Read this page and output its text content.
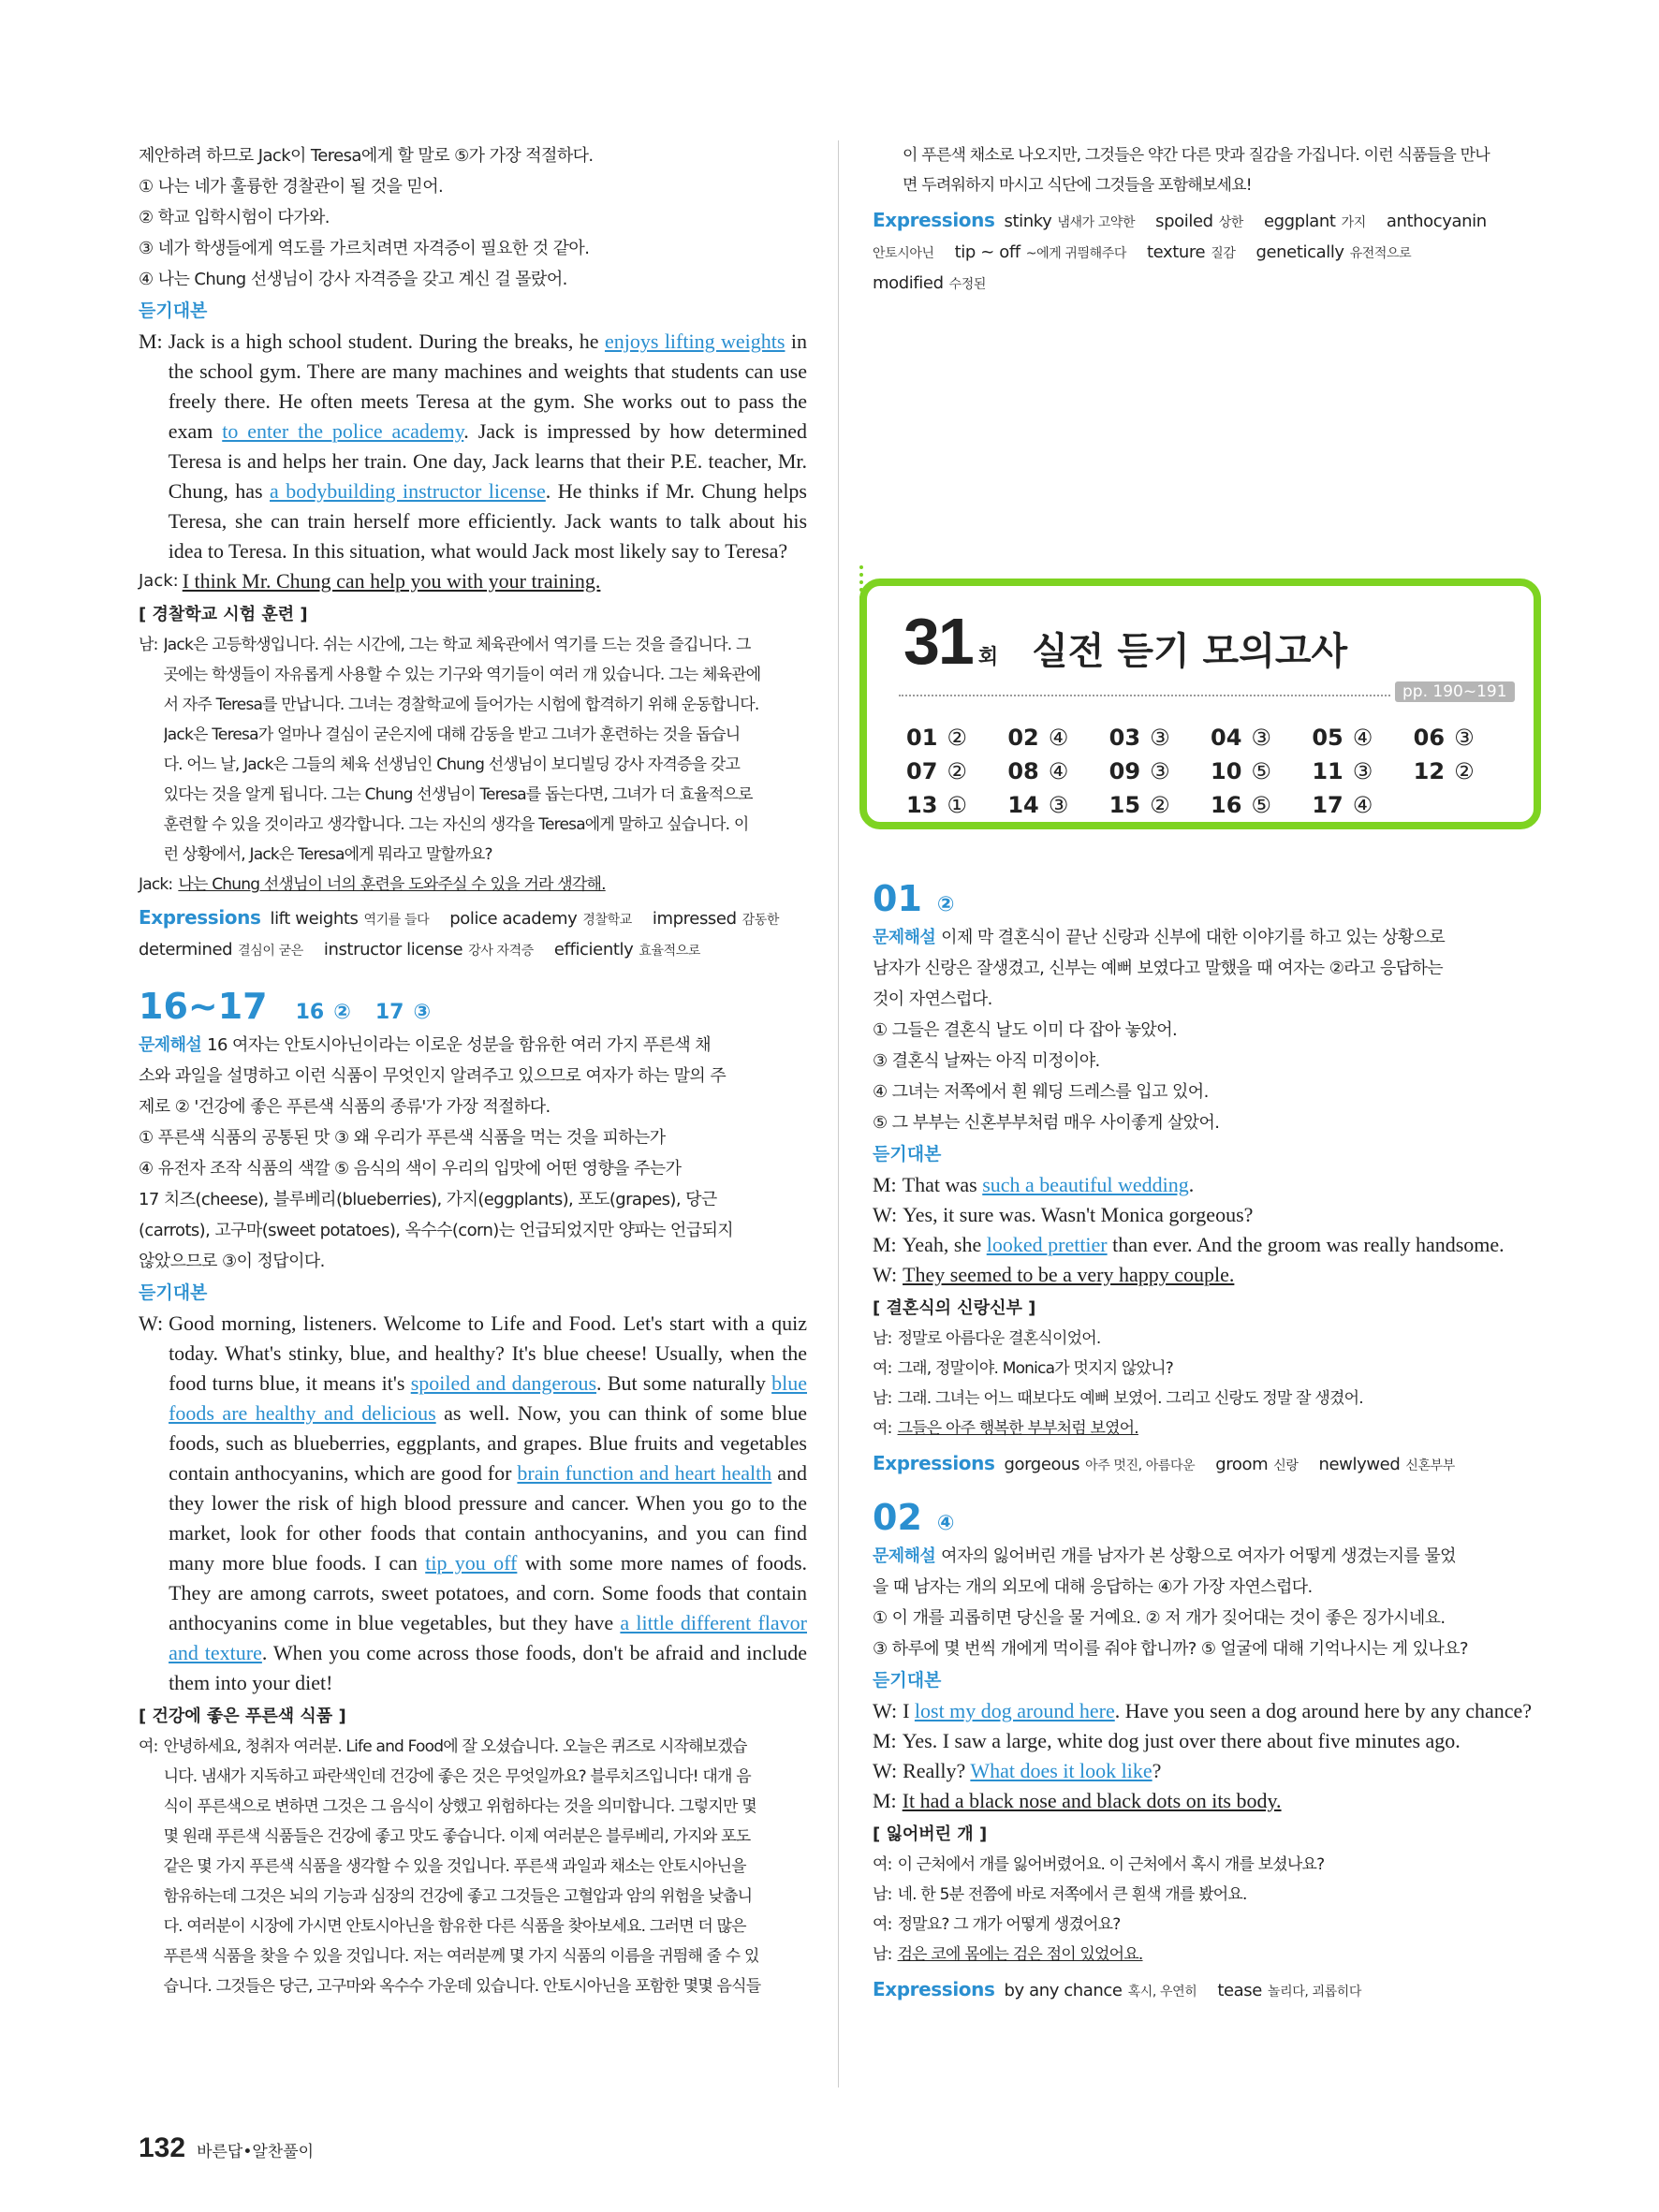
제안하려 하므로 Jack이 Teresa에게 할 말로 ⑤가 가장 적절하다.
① 나는 네가 훌륭한 경찰관이 될 것을 믿어.
② 학교 입학시험이 다가와.
③ 네가 학생들에게 역도를 가르치려면 자격증이 필요한 것 같아.
④ 나는 Chung 선생님이 강사 자격증을 갖고 계신 걸 몰랐어.
듣기대본
M: Jack is a high school student. During the breaks, he enjoys lifting weights in the school gym. There are many machines and weights that students can use freely there. He often meets Teresa at the gym. She works out to pass the exam to enter the police academy. Jack is impressed by how determined Teresa is and helps her train. One day, Jack learns that their P.E. teacher, Mr. Chung, has a bodybuilding instructor license. He thinks if Mr. Chung helps Teresa, she can train herself more efficiently. Jack wants to talk about his idea to Teresa. In this situation, what would Jack most likely say to Teresa?
Jack: I think Mr. Chung can help you with your training.
[ 경찰학교 시험 훈련 ]
남: Jack은 고등학생입니다. 쉬는 시간에, 그는 학교 체육관에서 역기를 드는 것을 즐깁니다. 그
곳에는 학생들이 자유롭게 사용할 수 있는 기구와 역기들이 여러 개 있습니다. 그는 체육관에
서 자주 Teresa를 만납니다. 그녀는 경찰학교에 들어가는 시험에 합격하기 위해 운동합니다.
Jack은 Teresa가 얼마나 결심이 굳은지에 대해 감동을 받고 그녀가 훈련하는 것을 돕습니
다. 어느 날, Jack은 그들의 체육 선생님인 Chung 선생님이 보디빌딩 강사 자격증을 갖고
있다는 것을 알게 됩니다. 그는 Chung 선생님이 Teresa를 돕는다면, 그녀가 더 효율적으로
훈련할 수 있을 것이라고 생각합니다. 그는 자신의 생각을 Teresa에게 말하고 싶습니다. 이
런 상황에서, Jack은 Teresa에게 뭐라고 말할까요?
Jack: 나는 Chung 선생님이 너의 훈련을 도와주실 수 있을 거라 생각해.
Expressions lift weights 역기를 들다 police academy 경찰학교 impressed 감동한
determined 결심이 굳은 instructor license 강사 자격증 efficiently 효율적으로
16~17 16 ② 17 ③
문제해설 16 여자는 안토시아닌이라는 이로운 성분을 함유한 여러 가지 푸른색 채
소와 과일을 설명하고 이런 식품이 무엇인지 알려주고 있으므로 여자가 하는 말의 주
제로 ② '건강에 좋은 푸른색 식품의 종류'가 가장 적절하다.
① 푸른색 식품의 공통된 맛 ③ 왜 우리가 푸른색 식품을 먹는 것을 피하는가
④ 유전자 조작 식품의 색깔 ⑤ 음식의 색이 우리의 입맛에 어떤 영향을 주는가
17 치즈(cheese), 블루베리(blueberries), 가지(eggplants), 포도(grapes), 당근
(carrots), 고구마(sweet potatoes), 옥수수(corn)는 언급되었지만 양파는 언급되지
않았으므로 ③이 정답이다.
듣기대본
W: Good morning, listeners. Welcome to Life and Food. Let's start with a quiz today. What's stinky, blue, and healthy? It's blue cheese! Usually, when the food turns blue, it means it's spoiled and dangerous. But some naturally blue foods are healthy and delicious as well. Now, you can think of some blue foods, such as blueberries, eggplants, and grapes. Blue fruits and vegetables contain anthocyanins, which are good for brain function and heart health and they lower the risk of high blood pressure and cancer. When you go to the market, look for other foods that contain anthocyanins, and you can find many more blue foods. I can tip you off with some more names of foods. They are among carrots, sweet potatoes, and corn. Some foods that contain anthocyanins come in blue vegetables, but they have a little different flavor and texture. When you come across those foods, don't be afraid and include them into your diet!
[ 건강에 좋은 푸른색 식품 ]
여: 안녕하세요, 청취자 여러분. Life and Food에 잘 오셨습니다. 오늘은 퀴즈로 시작해보겠습
니다. 냄새가 지독하고 파란색인데 건강에 좋은 것은 무엇일까요? 블루치즈입니다! 대개 음
식이 푸른색으로 변하면 그것은 그 음식이 상했고 위험하다는 것을 의미합니다. 그렇지만 몇
몇 원래 푸른색 식품들은 건강에 좋고 맛도 좋습니다. 이제 여러분은 블루베리, 가지와 포도
같은 몇 가지 푸른색 식품을 생각할 수 있을 것입니다. 푸른색 과일과 채소는 안토시아닌을
함유하는데 그것은 뇌의 기능과 심장의 건강에 좋고 그것들은 고혈압과 암의 위험을 낮춥니
다. 여러분이 시장에 가시면 안토시아닌을 함유한 다른 식품을 찾아보세요. 그러면 더 많은
푸른색 식품을 찾을 수 있을 것입니다. 저는 여러분께 몇 가지 식품의 이름을 귀띔해 줄 수 있
습니다. 그것들은 당근, 고구마와 옥수수 가운데 있습니다. 안토시아닌을 포함한 몇몇 음식들
이 푸른색 채소로 나오지만, 그것들은 약간 다른 맛과 질감을 가집니다. 이런 식품들을 만나
면 두려워하지 마시고 식단에 그것들을 포함해보세요!
Expressions stinky 냄새가 고약한 spoiled 상한 eggplant 가지 anthocyanin
안토시아닌 tip ~ off ~에게 귀띔해주다 texture 질감 genetically 유전적으로
modified 수정된
31 회 실전 듣기 모의고사
pp. 190~191
01 ②	02 ④	03 ③	04 ③	05 ④	06 ③
07 ②	08 ④	09 ③	10 ⑤	11 ③	12 ②
13 ①	14 ③	15 ②	16 ⑤	17 ④
01 ②
문제해설 이제 막 결혼식이 끝난 신랑과 신부에 대한 이야기를 하고 있는 상황으로
남자가 신랑은 잘생겼고, 신부는 예뻐 보였다고 말했을 때 여자는 ②라고 응답하는
것이 자연스럽다.
① 그들은 결혼식 날도 이미 다 잡아 놓았어.
③ 결혼식 날짜는 아직 미정이야.
④ 그녀는 저쪽에서 흰 웨딩 드레스를 입고 있어.
⑤ 그 부부는 신혼부부처럼 매우 사이좋게 살았어.
듣기대본
M: That was such a beautiful wedding.
W: Yes, it sure was. Wasn't Monica gorgeous?
M: Yeah, she looked prettier than ever. And the groom was really handsome.
W: They seemed to be a very happy couple.
[ 결혼식의 신랑신부 ]
남: 정말로 아름다운 결혼식이었어.
여: 그래, 정말이야. Monica가 멋지지 않았니?
남: 그래. 그녀는 어느 때보다도 예뻐 보였어. 그리고 신랑도 정말 잘 생겼어.
여: 그들은 아주 행복한 부부처럼 보였어.
Expressions gorgeous 아주 멋진, 아름다운 groom 신랑 newlywed 신혼부부
02 ④
문제해설 여자의 잃어버린 개를 남자가 본 상황으로 여자가 어떻게 생겼는지를 물었
을 때 남자는 개의 외모에 대해 응답하는 ④가 가장 자연스럽다.
① 이 개를 괴롭히면 당신을 물 거예요. ② 저 개가 짖어대는 것이 좋은 징가시네요.
③ 하루에 몇 번씩 개에게 먹이를 줘야 합니까? ⑤ 얼굴에 대해 기억나시는 게 있나요?
듣기대본
W: I lost my dog around here. Have you seen a dog around here by any chance?
M: Yes. I saw a large, white dog just over there about five minutes ago.
W: Really? What does it look like?
M: It had a black nose and black dots on its body.
[ 잃어버린 개 ]
여: 이 근처에서 개를 잃어버렸어요. 이 근처에서 혹시 개를 보셨나요?
남: 네. 한 5분 전쯤에 바로 저쪽에서 큰 흰색 개를 봤어요.
여: 정말요? 그 개가 어떻게 생겼어요?
남: 검은 코에 몸에는 검은 점이 있었어요.
Expressions by any chance 혹시, 우연히 tease 놀리다, 괴롭히다
132 바른답•알찬풀이
